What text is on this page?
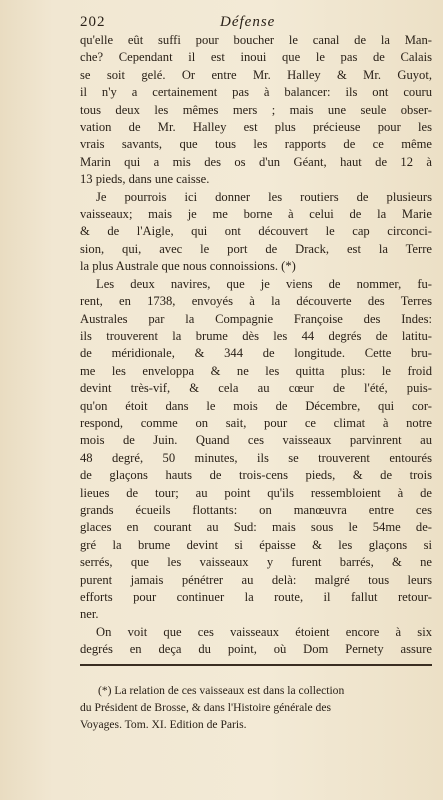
202	Défense
qu'elle eût suffi pour boucher le canal de la Man-
che? Cependant il est inoui que le pas de Calais
se soit gelé. Or entre Mr. Halley & Mr. Guyot,
il n'y a certainement pas à balancer: ils ont couru
tous deux les mêmes mers ; mais une seule obser-
vation de Mr. Halley est plus précieuse pour les
vrais savants, que tous les rapports de ce même
Marin qui a mis des os d'un Géant, haut de 12 à
13 pieds, dans une caisse.
Je pourrois ici donner les routiers de plusieurs
vaisseaux; mais je me borne à celui de la Marie
& de l'Aigle, qui ont découvert le cap circonci-
sion, qui, avec le port de Drack, est la Terre
la plus Australe que nous connoissions. (*)
Les deux navires, que je viens de nommer, fu-
rent, en 1738, envoyés à la découverte des Terres
Australes par la Compagnie Françoise des Indes:
ils trouverent la brume dès les 44 degrés de latitu-
de méridionale, & 344 de longitude. Cette bru-
me les enveloppa & ne les quitta plus: le froid
devint très-vif, & cela au cœur de l'été, puis-
qu'on étoit dans le mois de Décembre, qui cor-
respond, comme on sait, pour ce climat à notre
mois de Juin. Quand ces vaisseaux parvinrent au
48 degré, 50 minutes, ils se trouverent entourés
de glaçons hauts de trois-cens pieds, & de trois
lieues de tour; au point qu'ils ressembloient à de
grands écueils flottants: on manœuvra entre ces
glaces en courant au Sud: mais sous le 54me de-
gré la brume devint si épaisse & les glaçons si
serrés, que les vaisseaux y furent barrés, & ne
purent jamais pénétrer au delà: malgré tous leurs
efforts pour continuer la route, il fallut retour-
ner.
On voit que ces vaisseaux étoient encore à six
degrés en deça du point, où Dom Pernety assure
(*) La relation de ces vaisseaux est dans la collection
du Président de Brosse, & dans l'Histoire générale des
Voyages. Tom. XI. Edition de Paris.
